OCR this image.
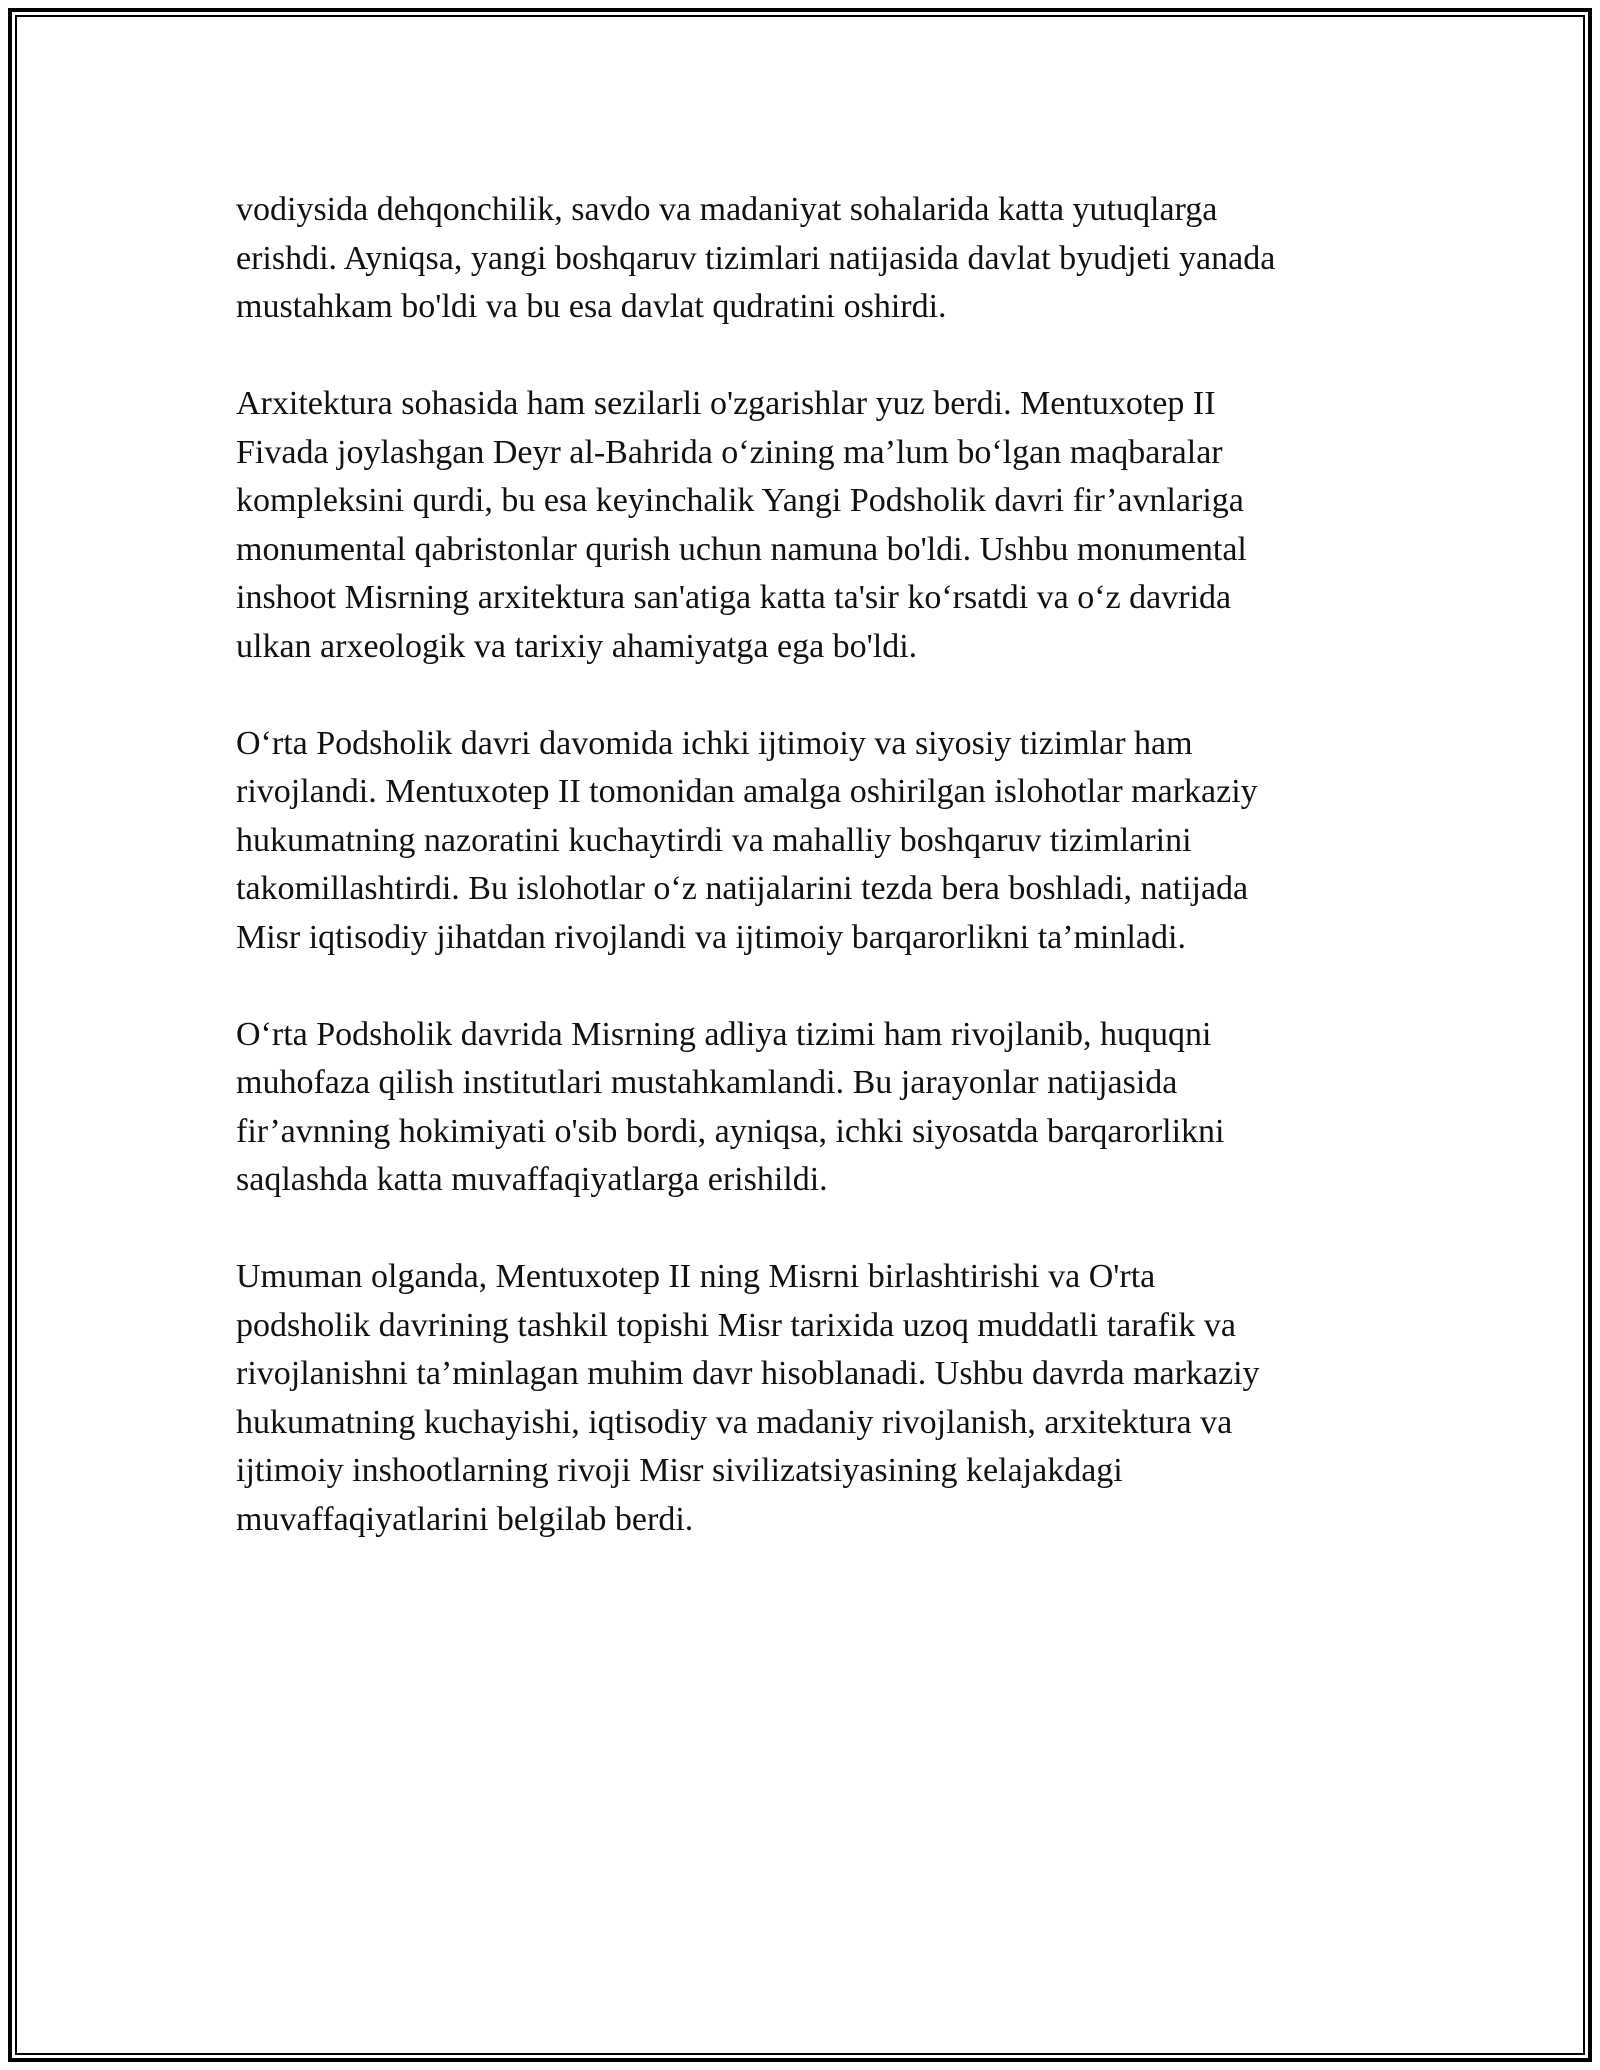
vodiysida dehqonchilik, savdo va madaniyat sohalarida katta yutuqlarga
erishdi. Ayniqsa, yangi boshqaruv tizimlari natijasida davlat byudjeti yanada
mustahkam bo'ldi va bu esa davlat qudratini oshirdi.
Arxitektura sohasida ham sezilarli o'zgarishlar yuz berdi. Mentuxotep II
Fivada joylashgan Deyr al-Bahrida o‘zining ma’lum bo‘lgan maqbaralar
kompleksini qurdi, bu esa keyinchalik Yangi Podsholik davri fir’avnlariga
monumental qabristonlar qurish uchun namuna bo'ldi. Ushbu monumental
inshoot Misrning arxitektura san'atiga katta ta'sir ko‘rsatdi va o‘z davrida
ulkan arxeologik va tarixiy ahamiyatga ega bo'ldi.
O‘rta Podsholik davri davomida ichki ijtimoiy va siyosiy tizimlar ham
rivojlandi. Mentuxotep II tomonidan amalga oshirilgan islohotlar markaziy
hukumatning nazoratini kuchaytirdi va mahalliy boshqaruv tizimlarini
takomillashtirdi. Bu islohotlar o‘z natijalarini tezda bera boshladi, natijada
Misr iqtisodiy jihatdan rivojlandi va ijtimoiy barqarorlikni ta’minladi.
O‘rta Podsholik davrida Misrning adliya tizimi ham rivojlanib, huquqni
muhofaza qilish institutlari mustahkamlandi. Bu jarayonlar natijasida
fir’avnning hokimiyati o'sib bordi, ayniqsa, ichki siyosatda barqarorlikni
saqlashda katta muvaffaqiyatlarga erishildi.
Umuman olganda, Mentuxotep II ning Misrni birlashtirishi va O'rta
podsholik davrining tashkil topishi Misr tarixida uzoq muddatli tarafik va
rivojlanishni ta’minlagan muhim davr hisoblanadi. Ushbu davrda markaziy
hukumatning kuchayishi, iqtisodiy va madaniy rivojlanish, arxitektura va
ijtimoiy inshootlarning rivoji Misr sivilizatsiyasining kelajakdagi
muvaffaqiyatlarini belgilab berdi.
